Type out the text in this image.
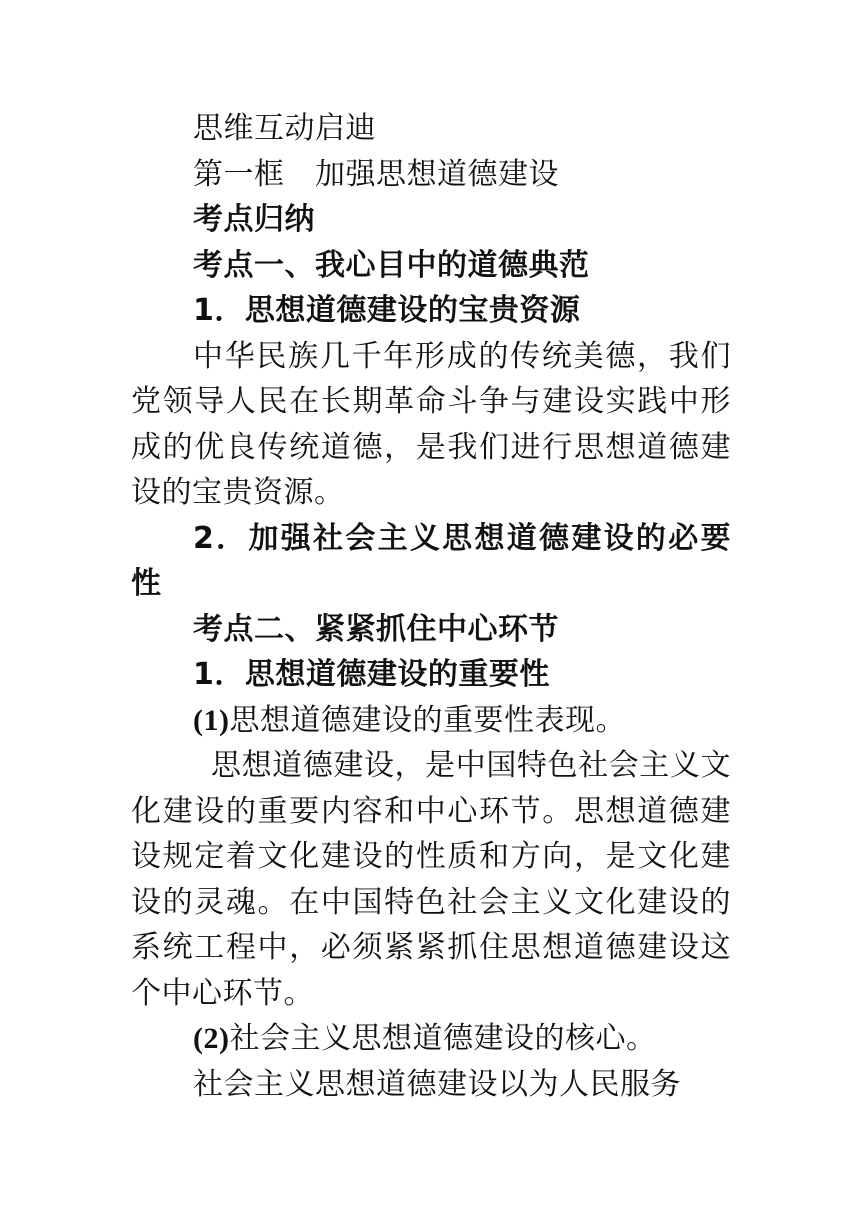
思维互动启迪

第一框　加强思想道德建设

考点归纳

考点一、我心目中的道德典范

1．思想道德建设的宝贵资源

中华民族几千年形成的传统美德，我们党领导人民在长期革命斗争与建设实践中形成的优良传统道德，是我们进行思想道德建设的宝贵资源。

2．加强社会主义思想道德建设的必要性

考点二、紧紧抓住中心环节

1．思想道德建设的重要性

(1)思想道德建设的重要性表现。

思想道德建设，是中国特色社会主义文化建设的重要内容和中心环节。思想道德建设规定着文化建设的性质和方向，是文化建设的灵魂。在中国特色社会主义文化建设的系统工程中，必须紧紧抓住思想道德建设这个中心环节。

(2)社会主义思想道德建设的核心。

社会主义思想道德建设以为人民服务
